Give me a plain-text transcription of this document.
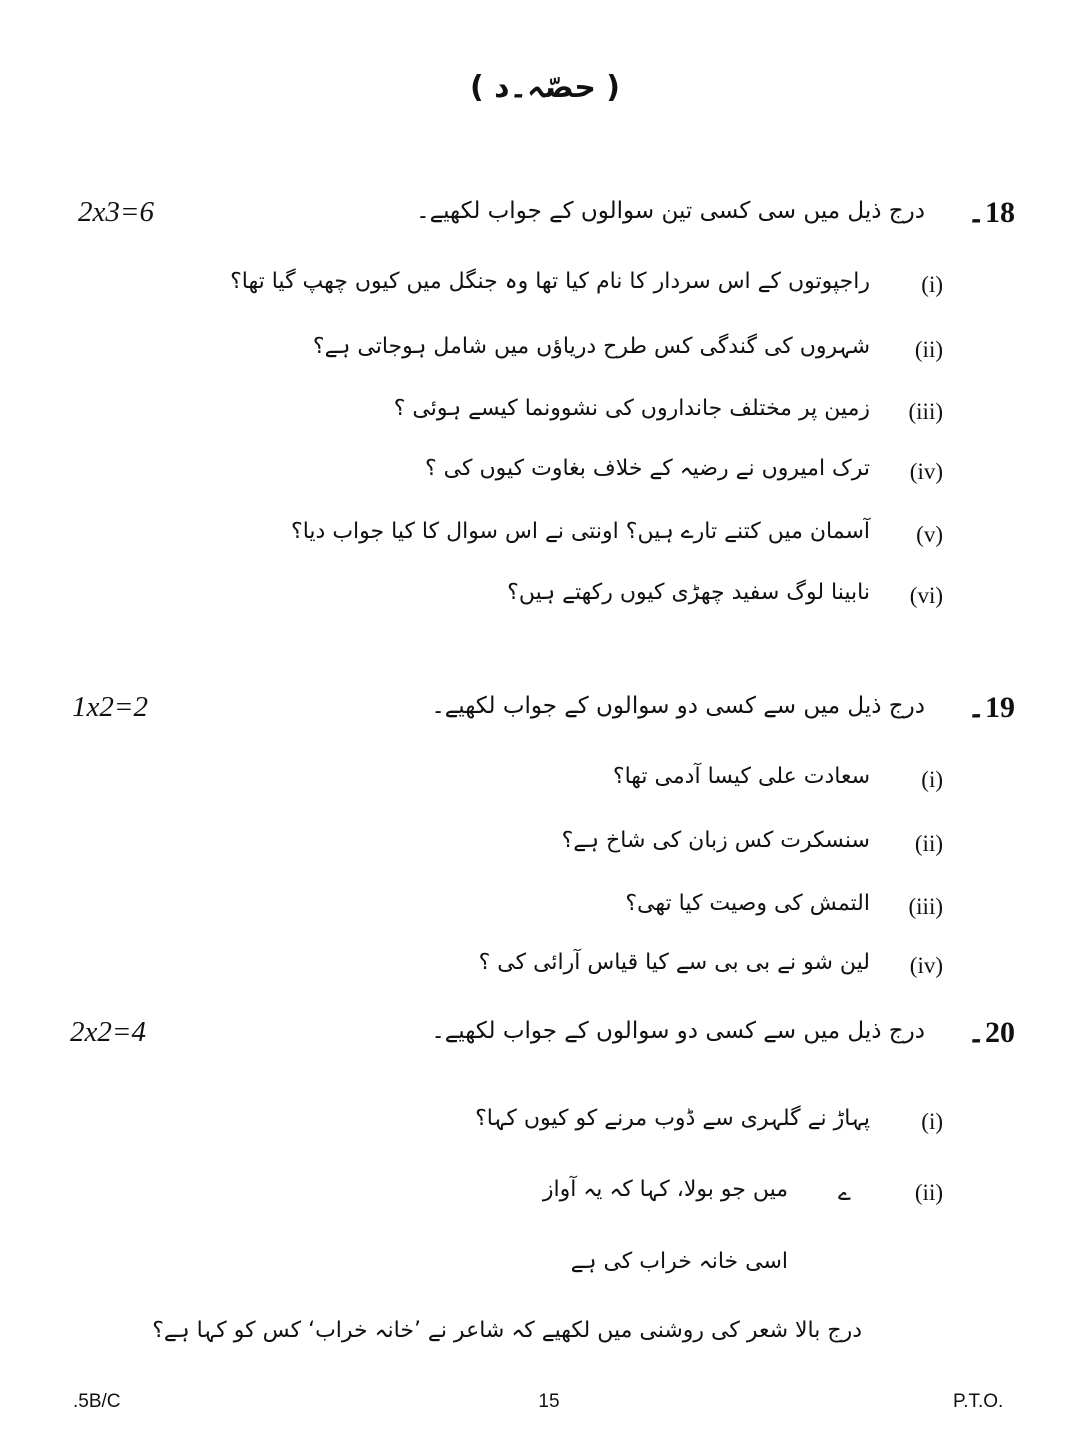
( حصّہ۔د )
18۔
درج ذیل میں سی کسی تین سوالوں کے جواب لکھیے۔
2x3=6
(i)
راجپوتوں کے اس سردار کا نام کیا تھا وہ جنگل میں کیوں چھپ گیا تھا؟
(ii)
شہروں کی گندگی کس طرح دریاؤں میں شامل ہوجاتی ہے؟
(iii)
زمین پر مختلف جانداروں کی نشوونما کیسے ہوئی ؟
(iv)
ترک امیروں نے رضیہ کے خلاف بغاوت کیوں کی ؟
(v)
آسمان میں کتنے تارے ہیں؟ اونتی نے اس سوال کا کیا جواب دیا؟
(vi)
نابینا لوگ سفید چھڑی کیوں رکھتے ہیں؟
19۔
درج ذیل میں سے کسی دو سوالوں کے جواب لکھیے۔
1x2=2
(i)
سعادت علی کیسا آدمی تھا؟
(ii)
سنسکرت کس زبان کی شاخ ہے؟
(iii)
التمش کی وصیت کیا تھی؟
(iv)
لین شو نے بی بی سے کیا قیاس آرائی کی ؟
20۔
درج ذیل میں سے کسی دو سوالوں کے جواب لکھیے۔
2x2=4
(i)
پہاڑ نے گلہری سے ڈوب مرنے کو کیوں کہا؟
(ii)
ے
میں جو بولا، کہا کہ یہ آواز
اسی خانہ خراب کی ہے
درج بالا شعر کی روشنی میں لکھیے کہ شاعر نے ’خانہ خراب‘ کس کو کہا ہے؟
.5B/C	15	P.T.O.
